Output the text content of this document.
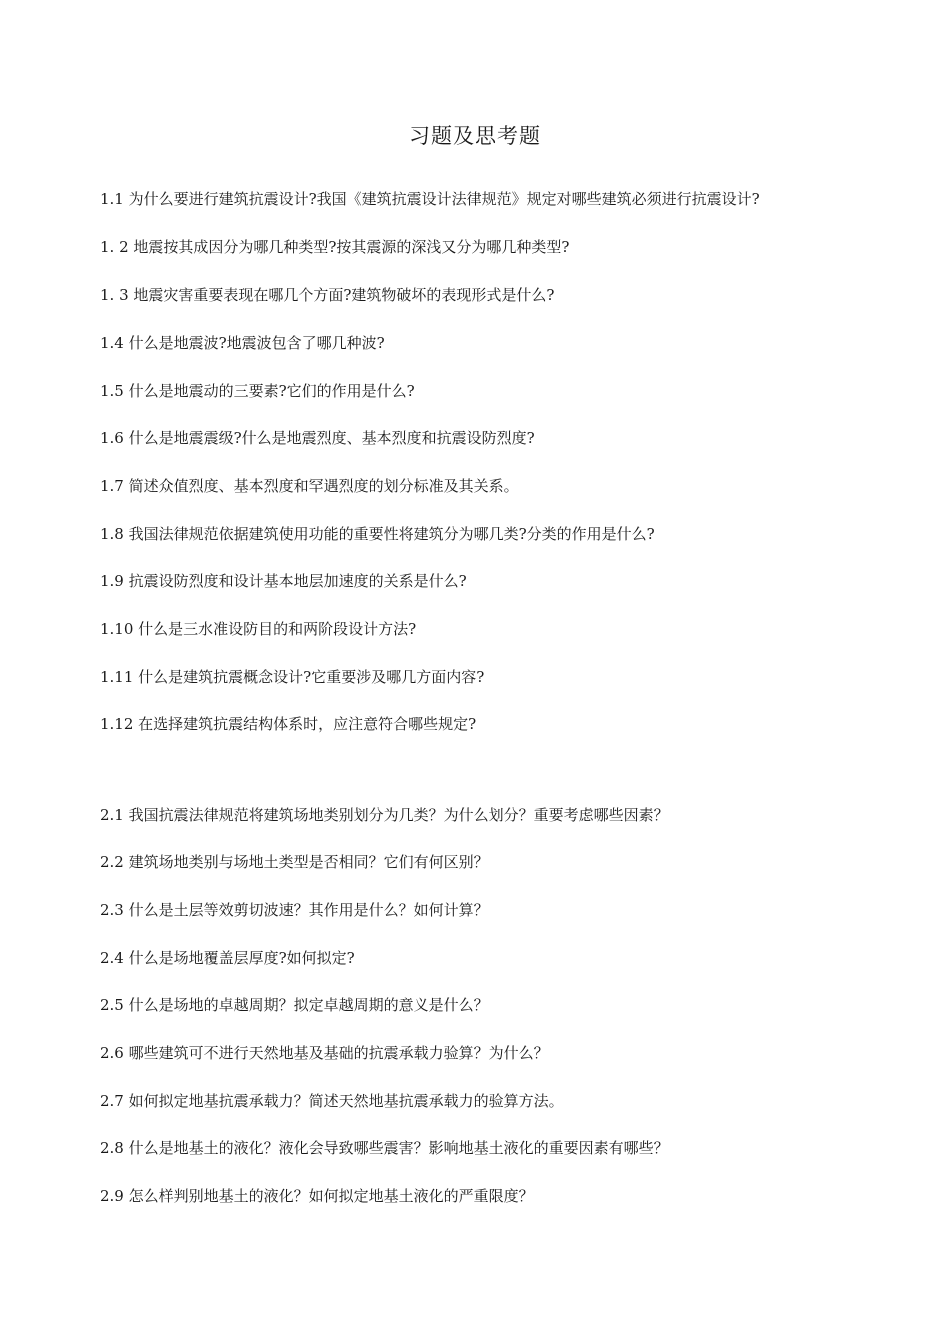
习题及思考题
1.1 为什么要进行建筑抗震设计?我国《建筑抗震设计法律规范》规定对哪些建筑必须进行抗震设计?
1. 2 地震按其成因分为哪几种类型?按其震源的深浅又分为哪几种类型?
1. 3 地震灾害重要表现在哪几个方面?建筑物破坏的表现形式是什么?
1.4 什么是地震波?地震波包含了哪几种波?
1.5 什么是地震动的三要素?它们的作用是什么?
1.6 什么是地震震级?什么是地震烈度、基本烈度和抗震设防烈度?
1.7 简述众值烈度、基本烈度和罕遇烈度的划分标准及其关系。
1.8 我国法律规范依据建筑使用功能的重要性将建筑分为哪几类?分类的作用是什么?
1.9 抗震设防烈度和设计基本地层加速度的关系是什么?
1.10 什么是三水准设防目的和两阶段设计方法?
1.11 什么是建筑抗震概念设计?它重要涉及哪几方面内容?
1.12 在选择建筑抗震结构体系时，应注意符合哪些规定?
2.1 我国抗震法律规范将建筑场地类别划分为几类？为什么划分？重要考虑哪些因素？
2.2 建筑场地类别与场地土类型是否相同？它们有何区别？
2.3 什么是土层等效剪切波速？其作用是什么？如何计算？
2.4 什么是场地覆盖层厚度?如何拟定?
2.5 什么是场地的卓越周期？拟定卓越周期的意义是什么？
2.6 哪些建筑可不进行天然地基及基础的抗震承载力验算？为什么？
2.7 如何拟定地基抗震承载力？简述天然地基抗震承载力的验算方法。
2.8 什么是地基土的液化？液化会导致哪些震害？影响地基土液化的重要因素有哪些？
2.9 怎么样判别地基土的液化？如何拟定地基土液化的严重限度？
